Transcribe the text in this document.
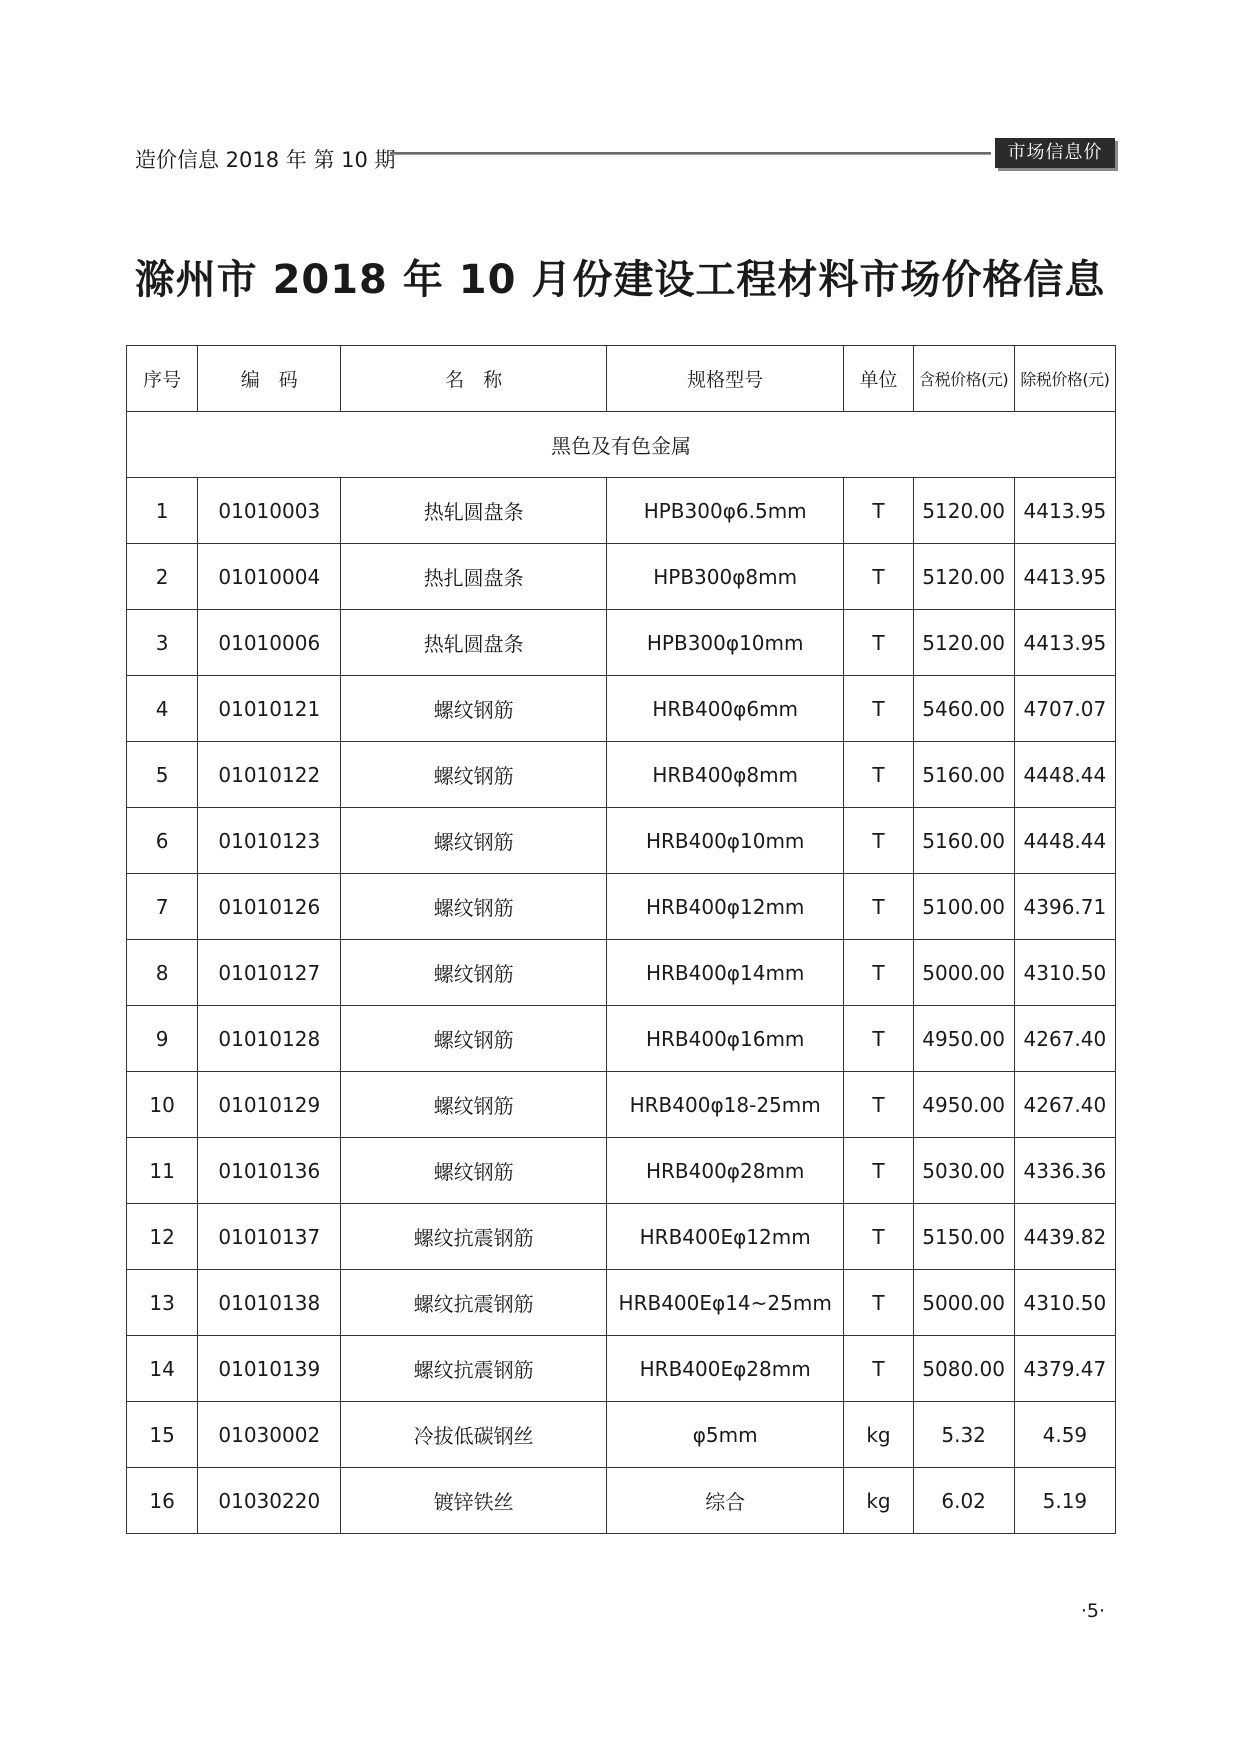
造价信息 2018 年 第 10 期	市场信息价
滁州市 2018 年 10 月份建设工程材料市场价格信息
序号	编　码	名　称	规格型号	单位	含税价格(元)	除税价格(元)
黑色及有色金属						
1	01010003	热轧圆盘条	HPB300φ6.5mm	T	5120.00	4413.95
2	01010004	热扎圆盘条	HPB300φ8mm	T	5120.00	4413.95
3	01010006	热轧圆盘条	HPB300φ10mm	T	5120.00	4413.95
4	01010121	螺纹钢筋	HRB400φ6mm	T	5460.00	4707.07
5	01010122	螺纹钢筋	HRB400φ8mm	T	5160.00	4448.44
6	01010123	螺纹钢筋	HRB400φ10mm	T	5160.00	4448.44
7	01010126	螺纹钢筋	HRB400φ12mm	T	5100.00	4396.71
8	01010127	螺纹钢筋	HRB400φ14mm	T	5000.00	4310.50
9	01010128	螺纹钢筋	HRB400φ16mm	T	4950.00	4267.40
10	01010129	螺纹钢筋	HRB400φ18-25mm	T	4950.00	4267.40
11	01010136	螺纹钢筋	HRB400φ28mm	T	5030.00	4336.36
12	01010137	螺纹抗震钢筋	HRB400Eφ12mm	T	5150.00	4439.82
13	01010138	螺纹抗震钢筋	HRB400Eφ14~25mm	T	5000.00	4310.50
14	01010139	螺纹抗震钢筋	HRB400Eφ28mm	T	5080.00	4379.47
15	01030002	冷拔低碳钢丝	φ5mm	kg	5.32	4.59
16	01030220	镀锌铁丝	综合	kg	6.02	5.19
·5·
